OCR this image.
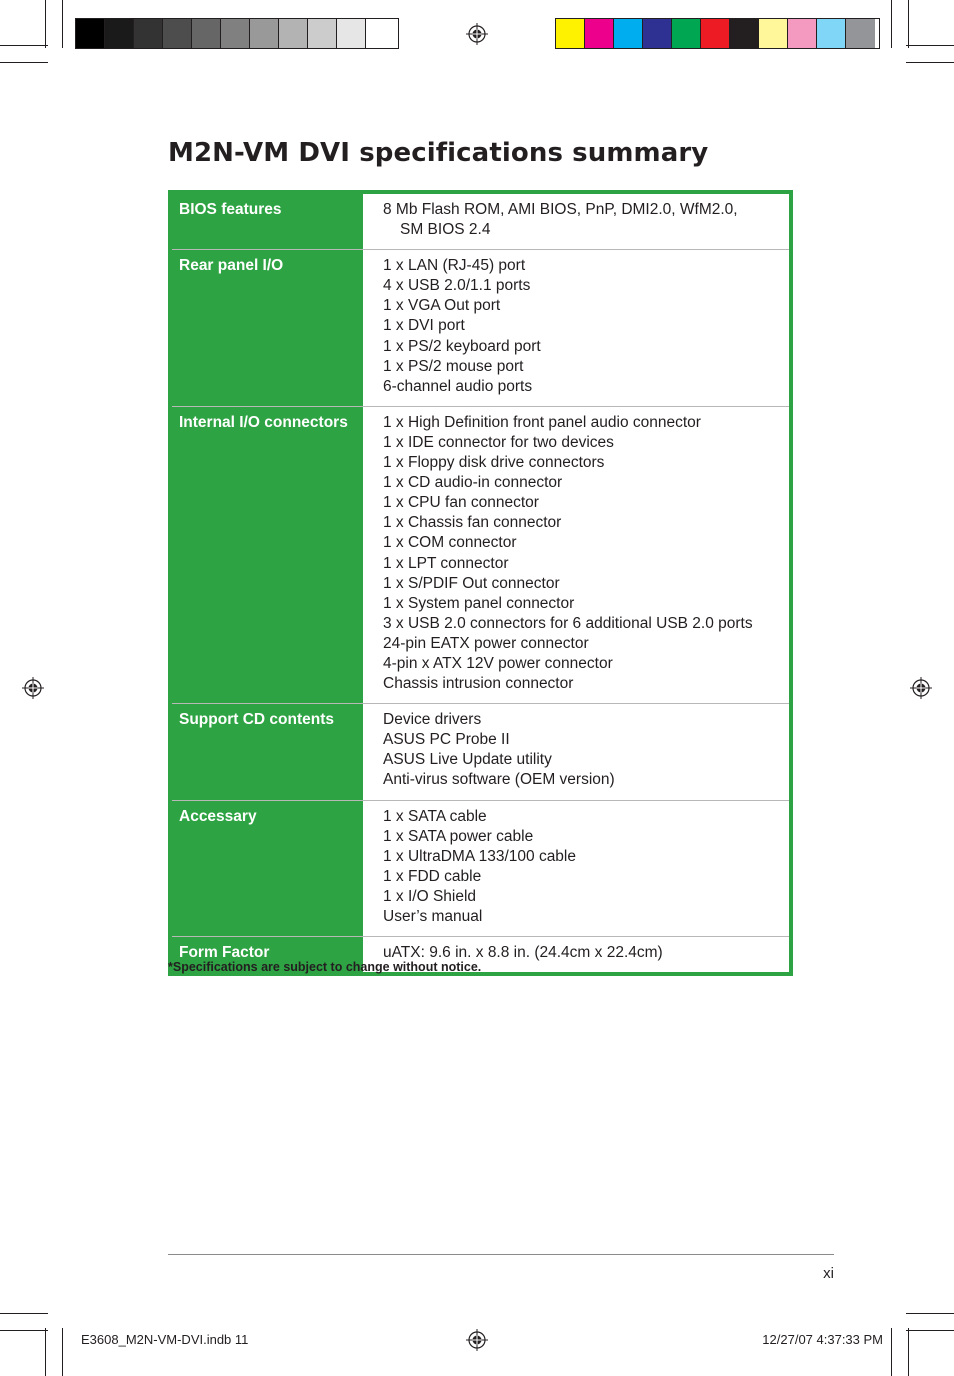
M2N-VM DVI specifications summary
BIOS features	8 Mb Flash ROM, AMI BIOS, PnP, DMI2.0, WfM2.0,
SM BIOS 2.4
Rear panel I/O	1 x LAN (RJ-45) port
4 x USB 2.0/1.1 ports
1 x VGA Out port
1 x DVI port
1 x PS/2 keyboard port
1 x PS/2 mouse port
6-channel audio ports
Internal I/O connectors	1 x High Definition front panel audio connector
1 x IDE connector for two devices
1 x Floppy disk drive connectors
1 x CD audio-in connector
1 x CPU fan connector
1 x Chassis fan connector
1 x COM connector
1 x LPT connector
1 x S/PDIF Out connector
1 x System panel connector
3 x USB 2.0 connectors for 6 additional USB 2.0 ports
24-pin EATX power connector
4-pin x ATX 12V power connector
Chassis intrusion connector
Support CD contents	Device drivers
ASUS PC Probe II
ASUS Live Update utility
Anti-virus software (OEM version)
Accessary	1 x SATA cable
1 x SATA power cable
1 x UltraDMA 133/100 cable
1 x FDD cable
1 x I/O Shield
User’s manual
Form Factor	uATX: 9.6 in. x 8.8 in. (24.4cm x 22.4cm)
*Specifications are subject to change without notice.
xi
E3608_M2N-VM-DVI.indb 11	12/27/07 4:37:33 PM
